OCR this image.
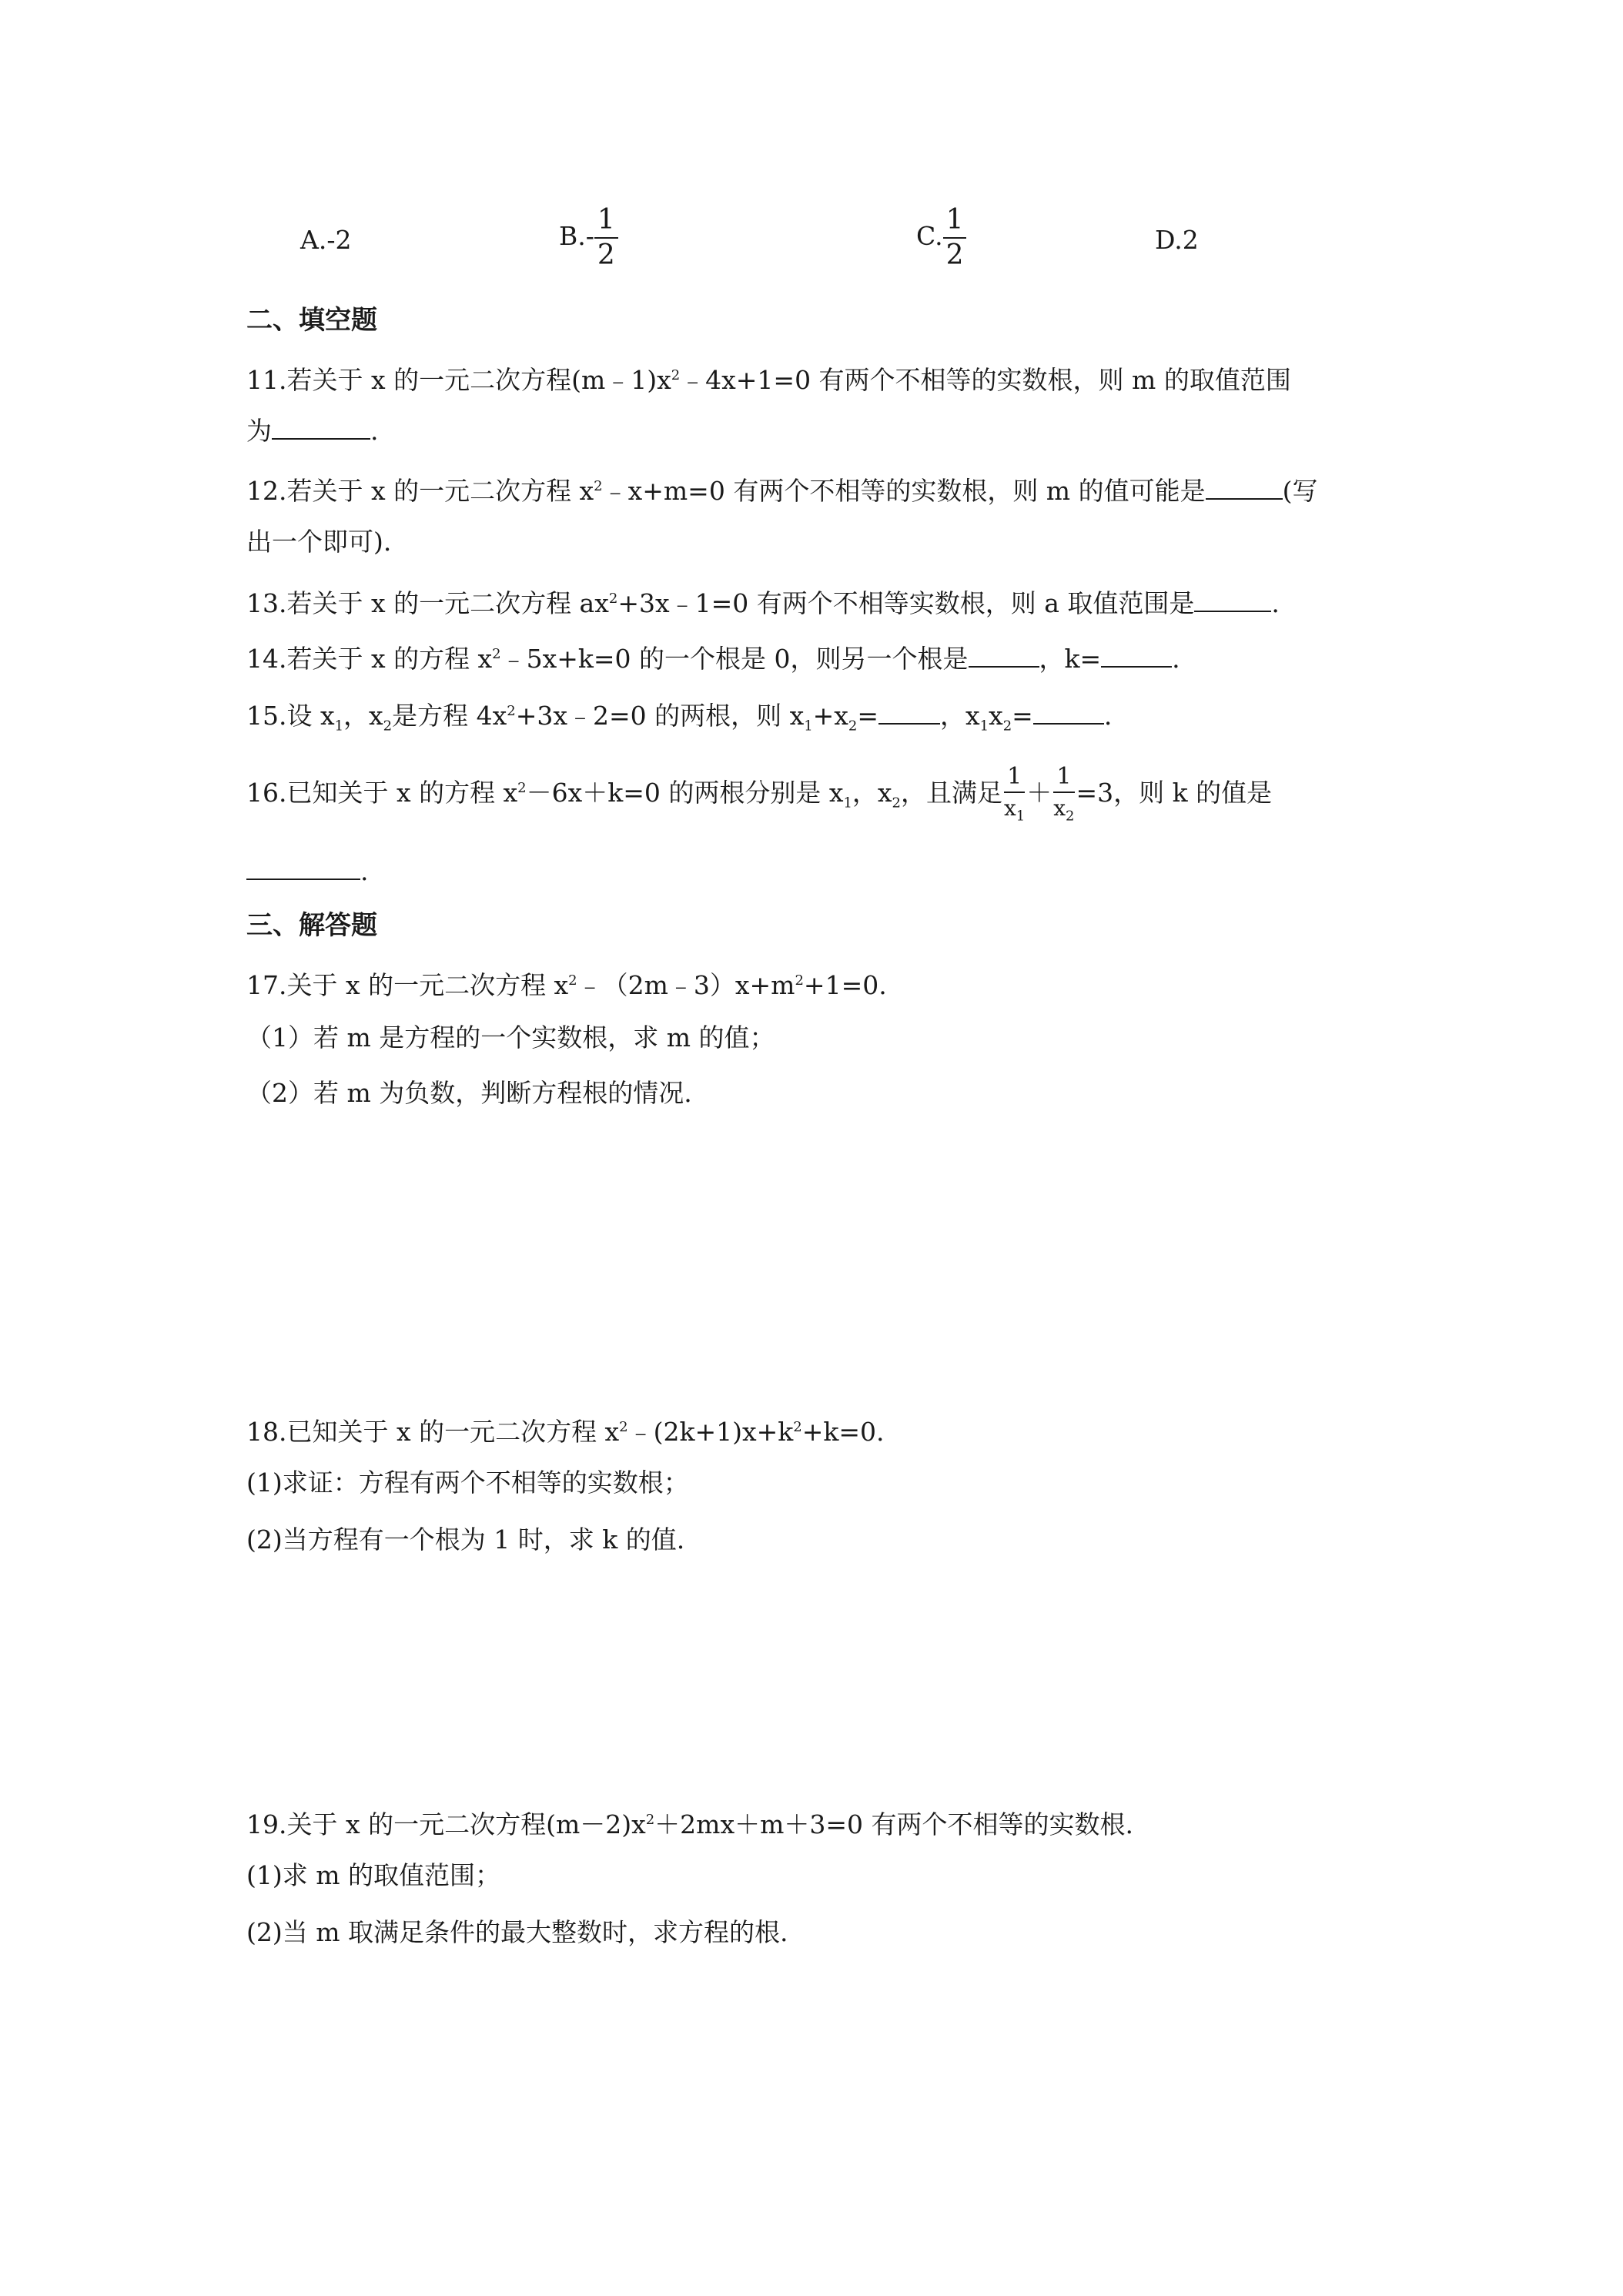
A.-2	$B.- \frac{1}{2}$	C. $\frac{1}{2}$	D.2
二、填空题
11.若关于 x 的一元二次方程$(m﹣1)x^2﹣4x+1=0$ 有两个不相等的实数根，则 m 的取值范围
为	.
12.若关于 x 的一元二次方程 $x^2﹣x+m=0$ 有两个不相等的实数根，则 m 的值可能是	(写
出一个即可).
13.若关于 x 的一元二次方程 $ax^2+3x﹣1=0$ 有两个不相等实数根，则 a 取值范围是	.
14.若关于 x 的方程 $x^2﹣5x+k=0$ 的一个根是 0，则另一个根是	，k=	.
15.设 $x_1$，$x_2$是方程 $4x^2+3x﹣2=0$ 的两根，则 $x_1+x_2=$ ，$x_1x_2=$	.
16.已知关于 x 的方程 $x^2-6x+k=0$ 的两根分别是 $x_1$，$x_2$，且满足 $\frac{1}{x_1} + \frac{1}{x_2} =3$，则 k 的值是
.
三、解答题
17.关于 x 的一元二次方程 $x^2﹣(2m﹣3)x+m^2+1=0$.
（1）若 m 是方程的一个实数根，求 m 的值；
（2）若 m 为负数，判断方程根的情况.
18.已知关于 x 的一元二次方程 $x^2﹣(2k+1)x+k^2+k=0$.
(1)求证：方程有两个不相等的实数根；
(2)当方程有一个根为 1 时，求 k 的值.
19.关于 x 的一元二次方程$(m-2)x^2+2mx+m+3=0$ 有两个不相等的实数根.
(1)求 m 的取值范围；
(2)当 m 取满足条件的最大整数时，求方程的根.
